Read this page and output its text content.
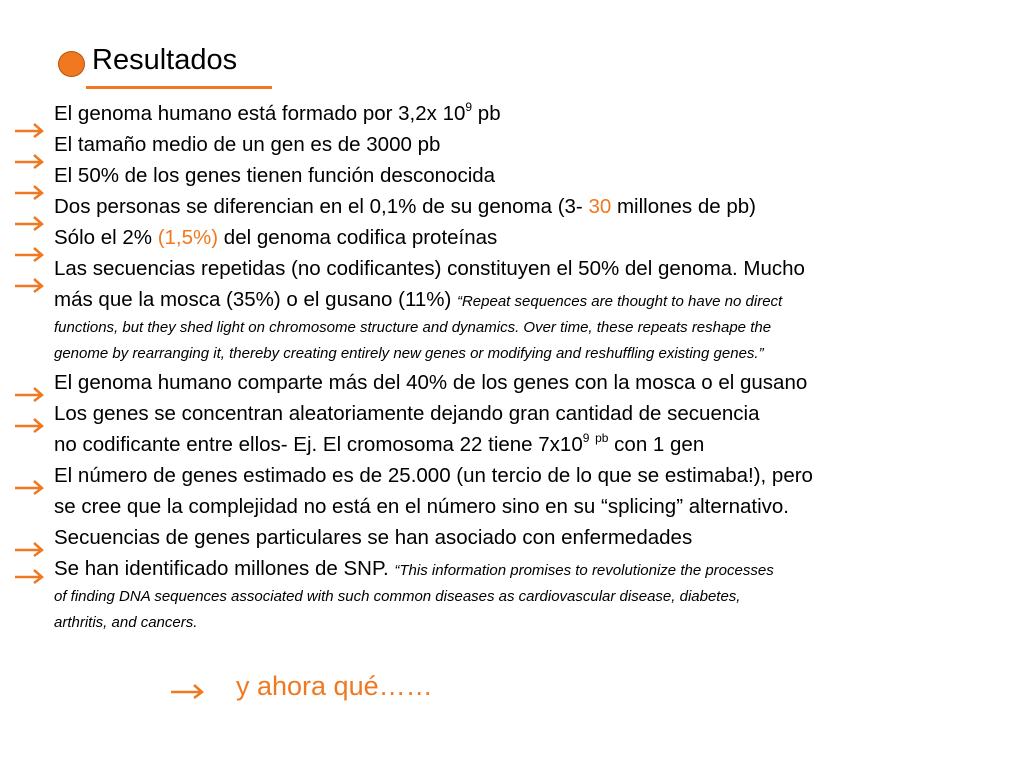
Resultados
El genoma humano está formado por 3,2x $10^9$ pb
El tamaño medio de un gen es de 3000 pb
El 50% de los genes tienen función desconocida
Dos personas se diferencian en el 0,1% de su genoma (3- 30 millones de pb)
Sólo el 2% (1,5%) del genoma codifica proteínas
Las secuencias repetidas (no codificantes) constituyen el 50% del genoma. Mucho
más que la mosca (35%) o el gusano (11%) “Repeat sequences are thought to have no direct
functions, but they shed light on chromosome structure and dynamics. Over time, these repeats reshape the
genome by rearranging it, thereby creating entirely new genes or modifying and reshuffling existing genes.”
El genoma humano comparte más del 40% de los genes con la mosca o el gusano
Los genes se concentran aleatoriamente dejando gran cantidad de secuencia
no codificante entre ellos- Ej. El cromosoma 22 tiene $7x10^9$ $^{pb}$ con 1 gen
El número de genes estimado es de 25.000 (un tercio de lo que se estimaba!), pero
se cree que la complejidad no está en el número sino en su “splicing” alternativo.
Secuencias de genes particulares se han asociado con enfermedades
Se han identificado millones de SNP. “This information promises to revolutionize the processes
of finding DNA sequences associated with such common diseases as cardiovascular disease, diabetes,
arthritis, and cancers.
y ahora qué……
